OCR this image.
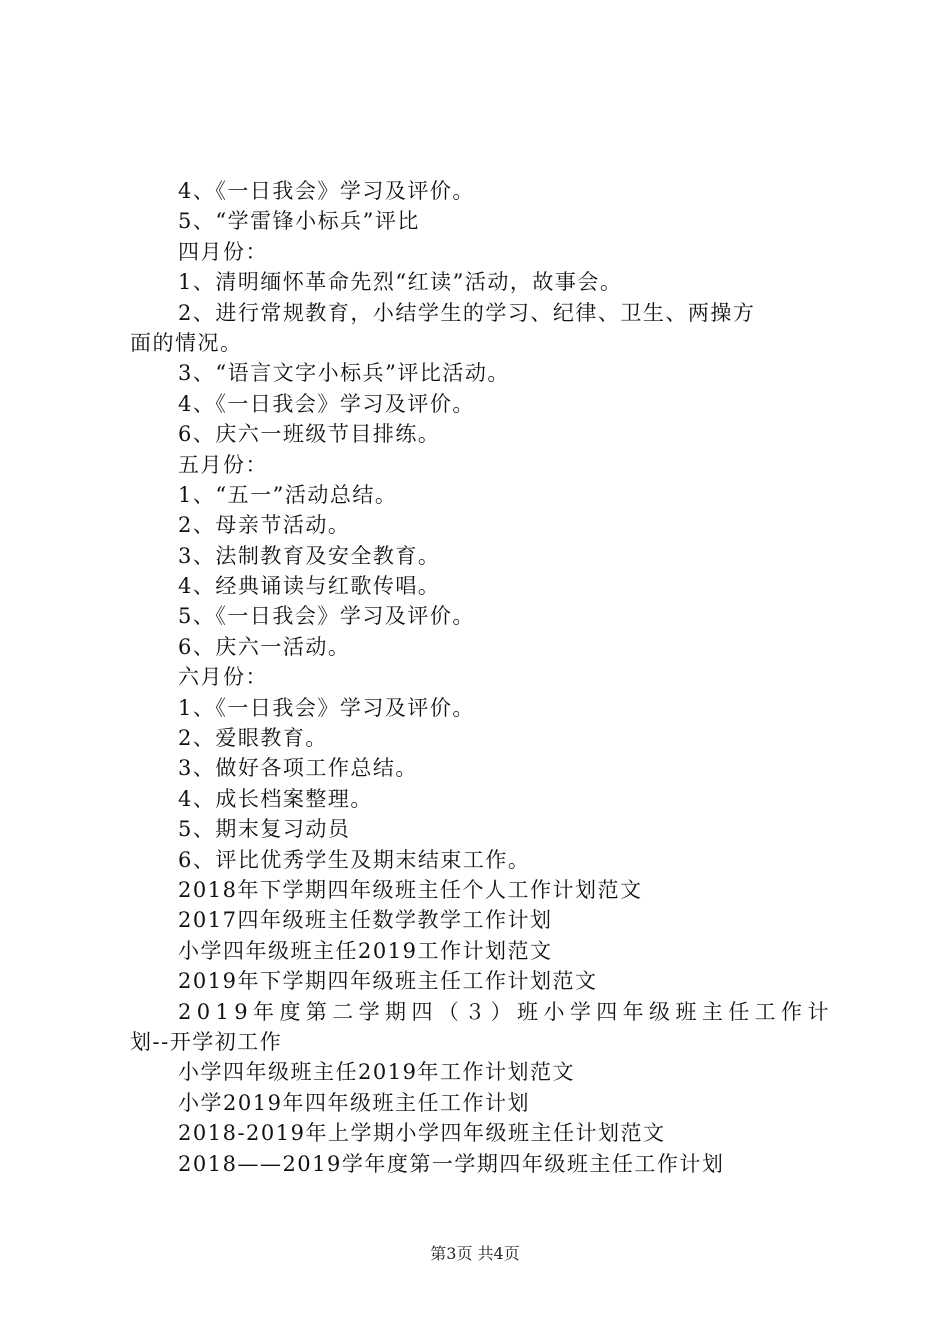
4、《一日我会》学习及评价。
5、“学雷锋小标兵”评比
四月份：
1、清明缅怀革命先烈“红读”活动，故事会。
2、进行常规教育，小结学生的学习、纪律、卫生、两操方
面的情况。
3、“语言文字小标兵”评比活动。
4、《一日我会》学习及评价。
6、庆六一班级节目排练。
五月份：
1、“五一”活动总结。
2、母亲节活动。
3、法制教育及安全教育。
4、经典诵读与红歌传唱。
5、《一日我会》学习及评价。
6、庆六一活动。
六月份：
1、《一日我会》学习及评价。
2、爱眼教育。
3、做好各项工作总结。
4、成长档案整理。
5、期末复习动员
6、评比优秀学生及期末结束工作。
2018年下学期四年级班主任个人工作计划范文
2017四年级班主任数学教学工作计划
小学四年级班主任2019工作计划范文
2019年下学期四年级班主任工作计划范文
2019年度第二学期四（３）班小学四年级班主任工作计
划--开学初工作
小学四年级班主任2019年工作计划范文
小学2019年四年级班主任工作计划
2018-2019年上学期小学四年级班主任计划范文
2018——2019学年度第一学期四年级班主任工作计划
第3页 共4页
